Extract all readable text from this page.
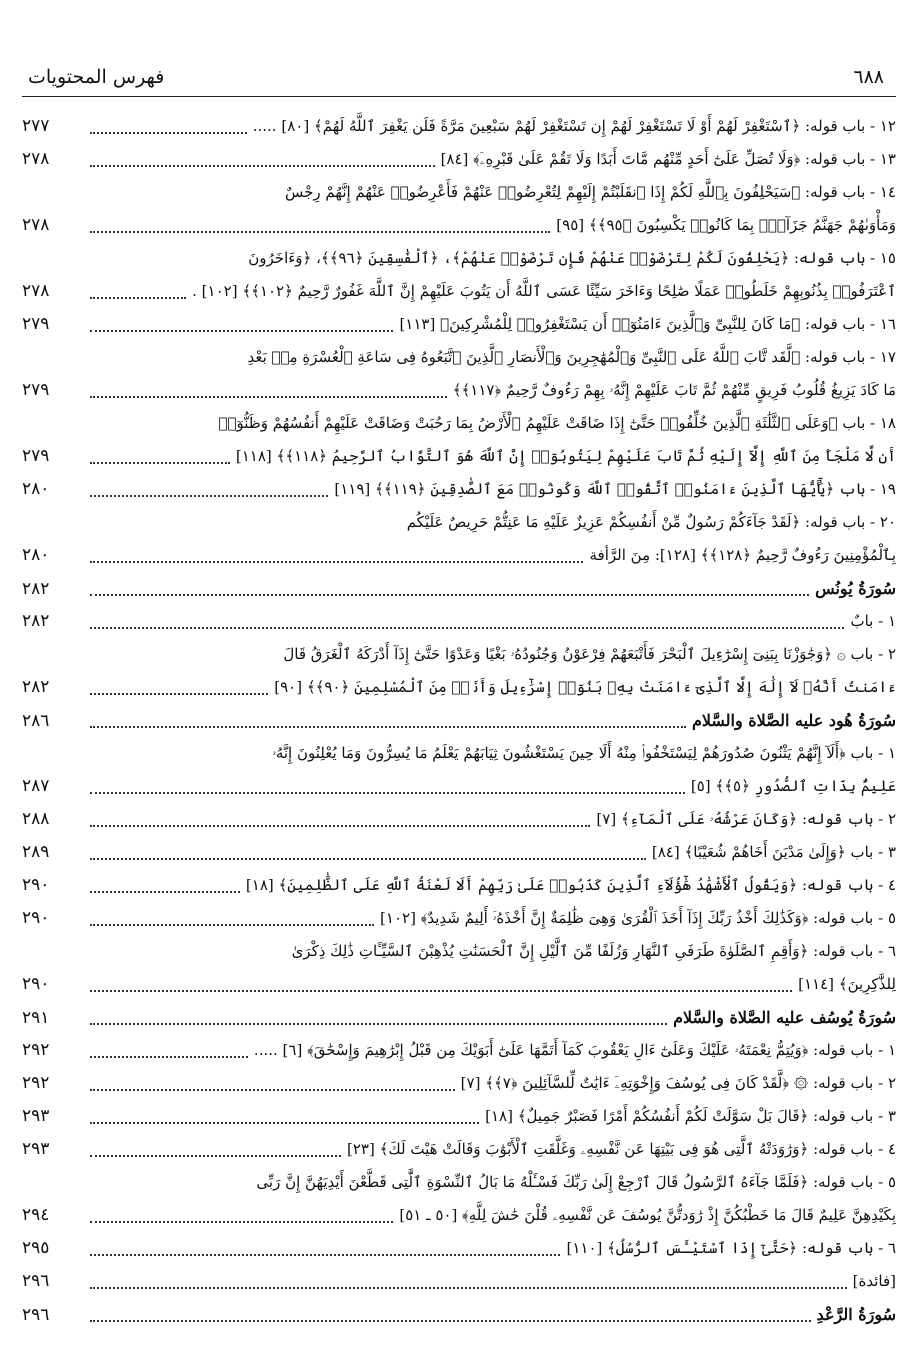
فهرس المحتويات	٦٨٨
١٢ - باب قوله: ﴿ٱسْتَغْفِرْ لَهُمْ أَوْ لَا تَسْتَغْفِرْ لَهُمْ إِن تَسْتَغْفِرْ لَهُمْ سَبْعِينَ مَرَّةً فَلَن يَغْفِرَ ٱللَّهُ لَهُمْ﴾ [٨٠] .....
٢٧٧
١٣ - باب قوله: ﴿وَلَا تُصَلِّ عَلَىٰٓ أَحَدٍ مِّنْهُم مَّاتَ أَبَدًا وَلَا تَقُمْ عَلَىٰ قَبْرِهِۦٓ﴾ [٨٤]
٢٧٨
١٤ - باب قوله: ﴿سَيَحْلِفُونَ بِٱللَّهِ لَكُمْ إِذَا ٱنقَلَبْتُمْ إِلَيْهِمْ لِتُعْرِضُوا۟ عَنْهُمْ فَأَعْرِضُوا۟ عَنْهُمْ إِنَّهُمْ رِجْسٌ
وَمَأْوَىٰهُمْ جَهَنَّمُ جَزَآءًۢ بِمَا كَانُوا۟ يَكْسِبُونَ ﴿٩٥﴾﴾ [٩٥]
٢٧٨
١٥ - باب قوله: ﴿يَحْلِفُونَ لَكُمْ لِتَرْضَوْا۟ عَنْهُمْ فَإِن تَرْضَوْا۟ عَنْهُمْ﴾، ﴿ٱلْفَٰسِقِينَ ﴿٩٦﴾﴾، ﴿وَءَاخَرُونَ
ٱعْتَرَفُوا۟ بِذُنُوبِهِمْ خَلَطُوا۟ عَمَلًا صَٰلِحًا وَءَاخَرَ سَيِّئًا عَسَى ٱللَّهُ أَن يَتُوبَ عَلَيْهِمْ إِنَّ ٱللَّهَ غَفُورٌ رَّحِيمٌ ﴿١٠٢﴾﴾ [١٠٢] .
٢٧٨
١٦ - باب قوله: ﴿مَا كَانَ لِلنَّبِىِّ وَٱلَّذِينَ ءَامَنُوٓا۟ أَن يَسْتَغْفِرُوا۟ لِلْمُشْرِكِينَ﴾ [١١٣]
٢٧٩
١٧ - باب قوله: ﴿لَّقَد تَّابَ ٱللَّهُ عَلَى ٱلنَّبِىِّ وَٱلْمُهَٰجِرِينَ وَٱلْأَنصَارِ ٱلَّذِينَ ٱتَّبَعُوهُ فِى سَاعَةِ ٱلْعُسْرَةِ مِنۢ بَعْدِ
مَا كَادَ يَزِيغُ قُلُوبُ فَرِيقٍ مِّنْهُمْ ثُمَّ تَابَ عَلَيْهِمْ إِنَّهُۥ بِهِمْ رَءُوفٌ رَّحِيمٌ ﴿١١٧﴾﴾
٢٧٩
١٨ - باب ﴿وَعَلَى ٱلثَّلَٰثَةِ ٱلَّذِينَ خُلِّفُوا۟ حَتَّىٰٓ إِذَا ضَاقَتْ عَلَيْهِمُ ٱلْأَرْضُ بِمَا رَحُبَتْ وَضَاقَتْ عَلَيْهِمْ أَنفُسُهُمْ وَظَنُّوٓا۟
أَن لَّا مَلْجَأَ مِنَ ٱللَّهِ إِلَّآ إِلَيْهِ ثُمَّ تَابَ عَلَيْهِمْ لِيَتُوبُوٓا۟ إِنَّ ٱللَّهَ هُوَ ٱلتَّوَّابُ ٱلرَّحِيمُ ﴿١١٨﴾﴾ [١١٨]
٢٧٩
١٩ - باب ﴿يَٰٓأَيُّهَا ٱلَّذِينَ ءَامَنُوا۟ ٱتَّقُوا۟ ٱللَّهَ وَكُونُوا۟ مَعَ ٱلصَّٰدِقِينَ ﴿١١٩﴾﴾ [١١٩]
٢٨٠
٢٠ - باب قوله: ﴿لَقَدْ جَآءَكُمْ رَسُولٌ مِّنْ أَنفُسِكُمْ عَزِيزٌ عَلَيْهِ مَا عَنِتُّمْ حَرِيصٌ عَلَيْكُم
بِٱلْمُؤْمِنِينَ رَءُوفٌ رَّحِيمٌ ﴿١٢٨﴾﴾ [١٢٨]: مِنَ الرَّأفة
٢٨٠
سُورَةُ يُونُس
٢٨٢
١ - بابٌ
٢٨٢
٢ - باب ۞ ﴿وَجَٰوَزْنَا بِبَنِىٓ إِسْرَٰٓءِيلَ ٱلْبَحْرَ فَأَتْبَعَهُمْ فِرْعَوْنُ وَجُنُودُهُۥ بَغْيًا وَعَدْوًا حَتَّىٰٓ إِذَآ أَدْرَكَهُ ٱلْغَرَقُ قَالَ
ءَامَنتُ أَنَّهُۥ لَآ إِلَٰهَ إِلَّا ٱلَّذِىٓ ءَامَنَتْ بِهِۦ بَنُوٓا۟ إِسْرَٰٓءِيلَ وَأَنَا۠ مِنَ ٱلْمُسْلِمِينَ ﴿٩٠﴾﴾ [٩٠]
٢٨٢
سُورَةُ هُود عليه الصَّلاة والسَّلام
٢٨٦
١ - باب ﴿أَلَآ إِنَّهُمْ يَثْنُونَ صُدُورَهُمْ لِيَسْتَخْفُوا۟ مِنْهُ أَلَا حِينَ يَسْتَغْشُونَ ثِيَابَهُمْ يَعْلَمُ مَا يُسِرُّونَ وَمَا يُعْلِنُونَ إِنَّهُۥ
عَلِيمٌۢ بِذَاتِ ٱلصُّدُورِ ﴿٥﴾﴾ [٥]
٢٨٧
٢ - باب قوله: ﴿وَكَانَ عَرْشُهُۥ عَلَى ٱلْمَآءِ﴾ [٧]
٢٨٨
٣ - باب ﴿وَإِلَىٰ مَدْيَنَ أَخَاهُمْ شُعَيْبًا﴾ [٨٤]
٢٨٩
٤ - باب قوله: ﴿وَيَقُولُ ٱلْأَشْهَٰدُ هَٰٓؤُلَآءِ ٱلَّذِينَ كَذَبُوا۟ عَلَىٰ رَبِّهِمْ أَلَا لَعْنَةُ ٱللَّهِ عَلَى ٱلظَّٰلِمِينَ﴾ [١٨]
٢٩٠
٥ - باب قوله: ﴿وَكَذَٰلِكَ أَخْذُ رَبِّكَ إِذَآ أَخَذَ ٱلْقُرَىٰ وَهِىَ ظَٰلِمَةٌ إِنَّ أَخْذَهُۥٓ أَلِيمٌ شَدِيدٌ﴾ [١٠٢]
٢٩٠
٦ - باب قوله: ﴿وَأَقِمِ ٱلصَّلَوٰةَ طَرَفَىِ ٱلنَّهَارِ وَزُلَفًا مِّنَ ٱلَّيْلِ إِنَّ ٱلْحَسَنَٰتِ يُذْهِبْنَ ٱلسَّيِّـَٔاتِ ذَٰلِكَ ذِكْرَىٰ
لِلذَّٰكِرِينَ﴾ [١١٤]
٢٩٠
سُورَةُ يُوسُف عليه الصَّلاة والسَّلام
٢٩١
١ - باب قوله: ﴿وَيُتِمُّ نِعْمَتَهُۥ عَلَيْكَ وَعَلَىٰٓ ءَالِ يَعْقُوبَ كَمَآ أَتَمَّهَا عَلَىٰٓ أَبَوَيْكَ مِن قَبْلُ إِبْرَٰهِيمَ وَإِسْحَٰقَ﴾ [٦] .....
٢٩٢
٢ - باب قوله: ۞ ﴿لَّقَدْ كَانَ فِى يُوسُفَ وَإِخْوَتِهِۦٓ ءَايَٰتٌ لِّلسَّآئِلِينَ ﴿٧﴾﴾ [٧]
٢٩٢
٣ - باب قوله: ﴿قَالَ بَلْ سَوَّلَتْ لَكُمْ أَنفُسُكُمْ أَمْرًا فَصَبْرٌ جَمِيلٌ﴾ [١٨]
٢٩٣
٤ - باب قوله: ﴿وَرَٰوَدَتْهُ ٱلَّتِى هُوَ فِى بَيْتِهَا عَن نَّفْسِهِۦ وَغَلَّقَتِ ٱلْأَبْوَٰبَ وَقَالَتْ هَيْتَ لَكَ﴾ [٢٣]
٢٩٣
٥ - باب قوله: ﴿فَلَمَّا جَآءَهُ ٱلرَّسُولُ قَالَ ٱرْجِعْ إِلَىٰ رَبِّكَ فَسْـَٔلْهُ مَا بَالُ ٱلنِّسْوَةِ ٱلَّٰتِى قَطَّعْنَ أَيْدِيَهُنَّ إِنَّ رَبِّى
بِكَيْدِهِنَّ عَلِيمٌ قَالَ مَا خَطْبُكُنَّ إِذْ رَٰوَدتُّنَّ يُوسُفَ عَن نَّفْسِهِۦ قُلْنَ حَٰشَ لِلَّهِ﴾ [٥٠ ـ ٥١]
٢٩٤
٦ - باب قوله: ﴿حَتَّىٰٓ إِذَا ٱسْتَيْـَٔسَ ٱلرُّسُلُ﴾ [١١٠]
٢٩٥
[فائدة]
٢٩٦
سُورَةُ الرَّعْدِ
٢٩٦
